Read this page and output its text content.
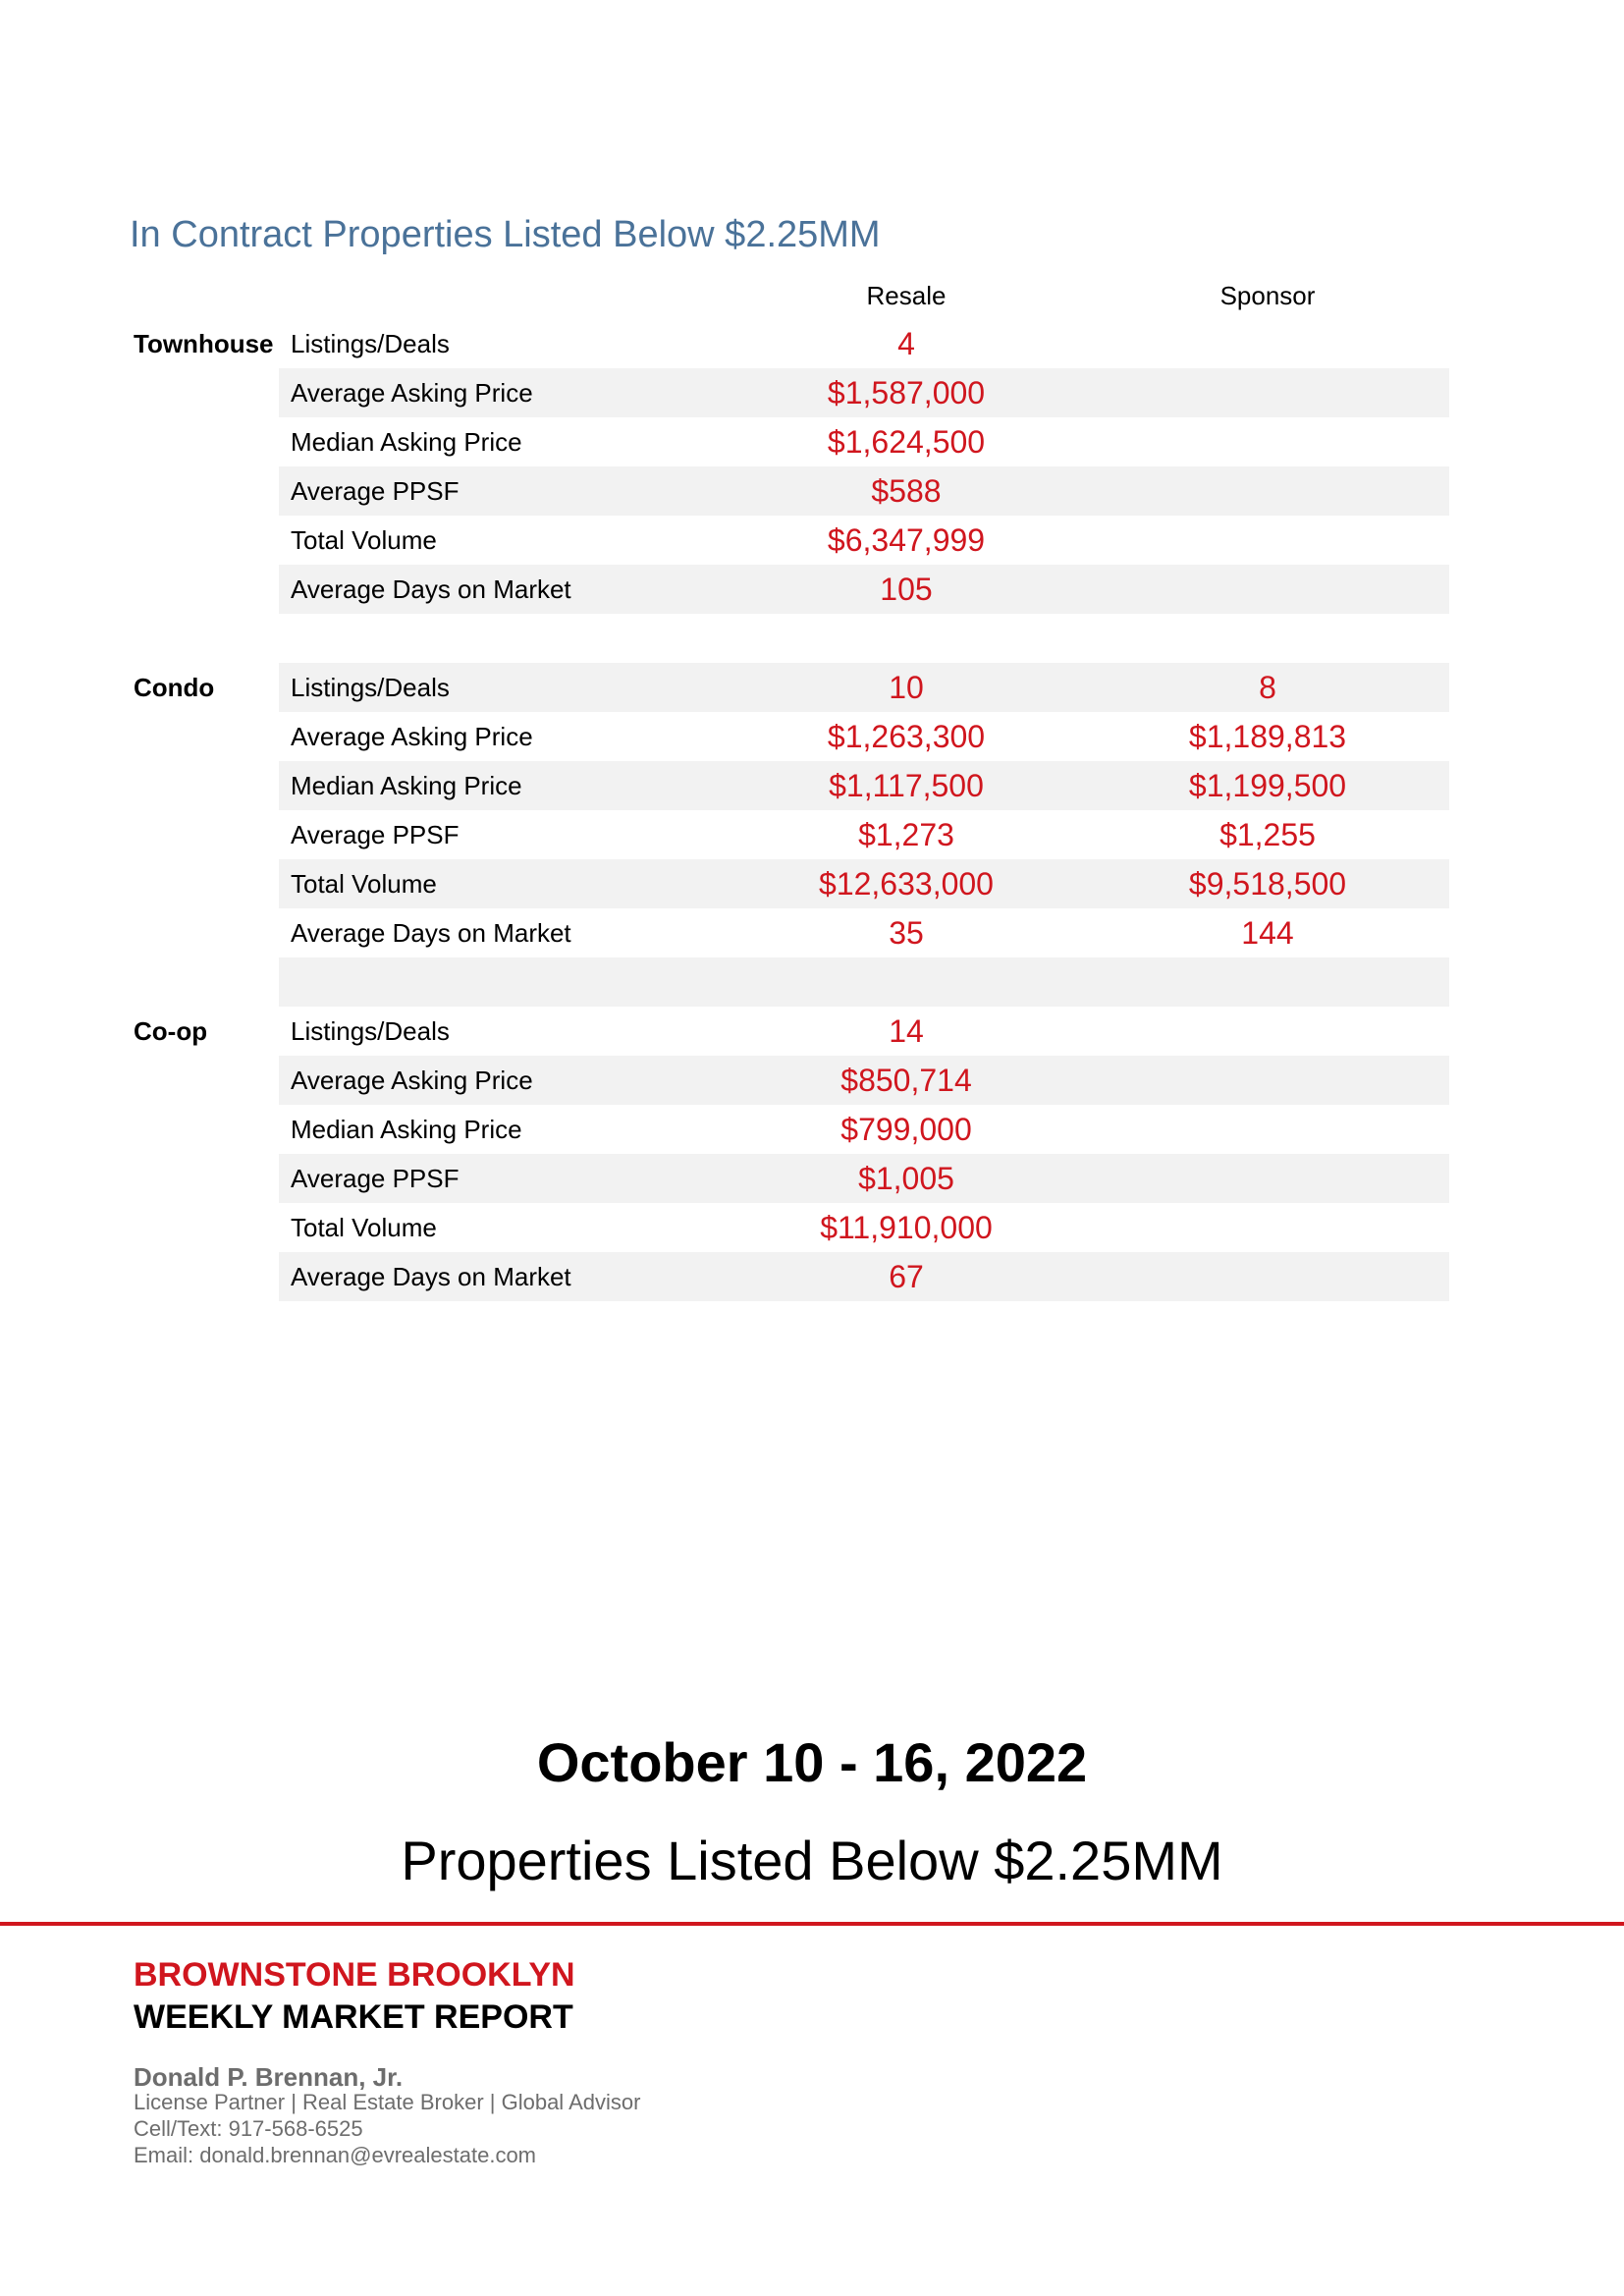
In Contract Properties Listed Below $2.25MM
Resale	Sponsor
Townhouse Listings/Deals	4
Average Asking Price	$1,587,000
Median Asking Price	$1,624,500
Average PPSF	$588
Total Volume	$6,347,999
Average Days on Market	105
Condo	Listings/Deals	10	8
Average Asking Price	$1,263,300	$1,189,813
Median Asking Price	$1,117,500	$1,199,500
Average PPSF	$1,273	$1,255
Total Volume	$12,633,000	$9,518,500
Average Days on Market	35	144
Co-op	Listings/Deals	14
Average Asking Price	$850,714
Median Asking Price	$799,000
Average PPSF	$1,005
Total Volume	$11,910,000
Average Days on Market	67
October 10 - 16, 2022
Properties Listed Below $2.25MM
BROWNSTONE BROOKLYN
WEEKLY MARKET REPORT
Donald P. Brennan, Jr.
License Partner | Real Estate Broker | Global Advisor
Cell/Text: 917-568-6525
Email: donald.brennan@evrealestate.com
